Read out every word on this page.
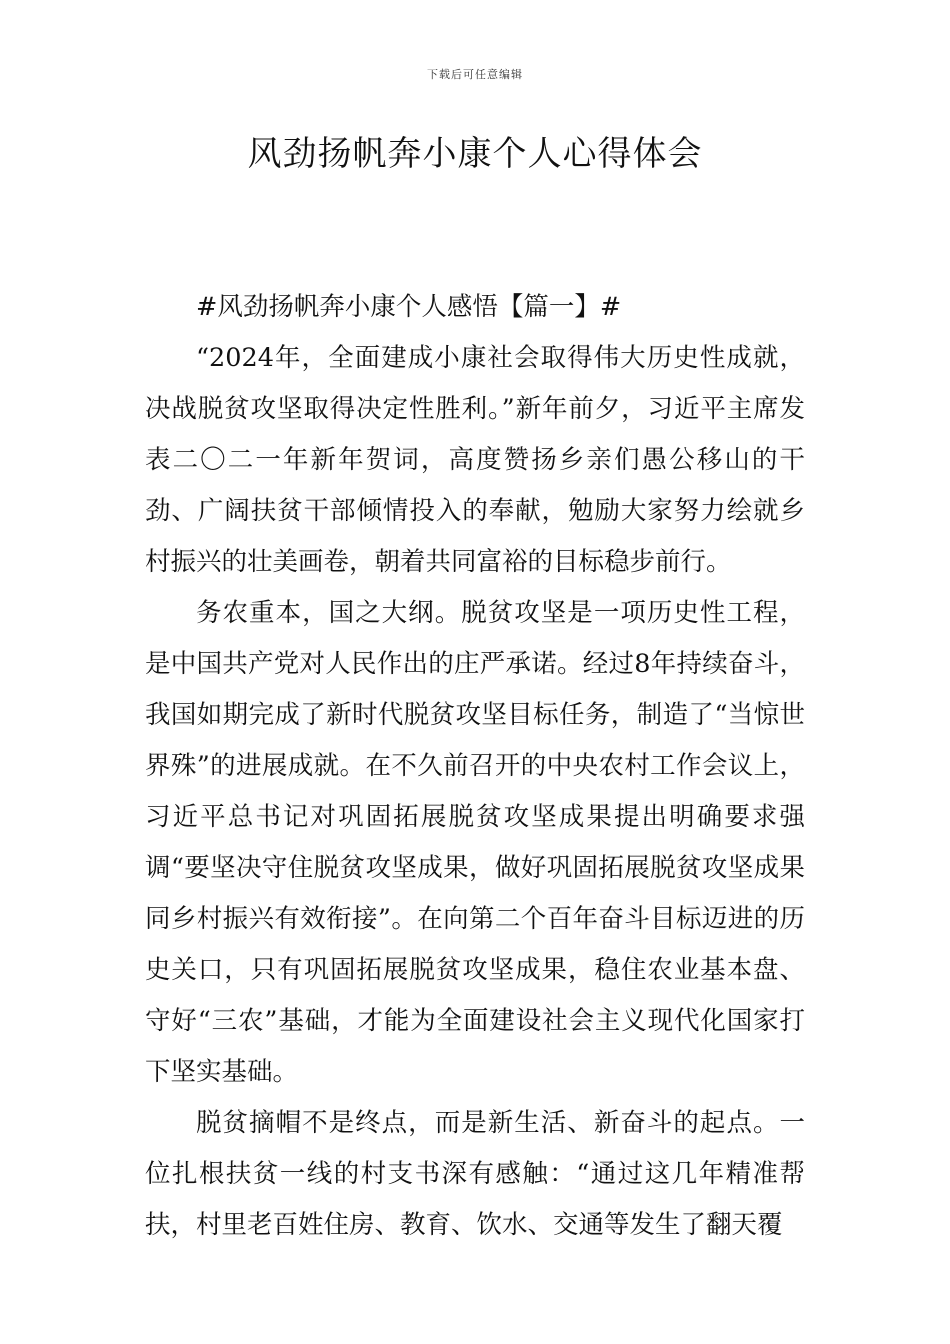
下载后可任意编辑
风劲扬帆奔小康个人心得体会

#风劲扬帆奔小康个人感悟【篇一】#

“2024年，全面建成小康社会取得伟大历史性成就，决战脱贫攻坚取得决定性胜利。”新年前夕，习近平主席发表二〇二一年新年贺词，高度赞扬乡亲们愚公移山的干劲、广阔扶贫干部倾情投入的奉献，勉励大家努力绘就乡村振兴的壮美画卷，朝着共同富裕的目标稳步前行。

务农重本，国之大纲。脱贫攻坚是一项历史性工程，是中国共产党对人民作出的庄严承诺。经过8年持续奋斗，我国如期完成了新时代脱贫攻坚目标任务，制造了“当惊世界殊”的进展成就。在不久前召开的中央农村工作会议上，习近平总书记对巩固拓展脱贫攻坚成果提出明确要求强调“要坚决守住脱贫攻坚成果，做好巩固拓展脱贫攻坚成果同乡村振兴有效衔接”。在向第二个百年奋斗目标迈进的历史关口，只有巩固拓展脱贫攻坚成果，稳住农业基本盘、守好“三农”基础，才能为全面建设社会主义现代化国家打下坚实基础。

脱贫摘帽不是终点，而是新生活、新奋斗的起点。一位扎根扶贫一线的村支书深有感触：“通过这几年精准帮扶，村里老百姓住房、教育、饮水、交通等发生了翻天覆
